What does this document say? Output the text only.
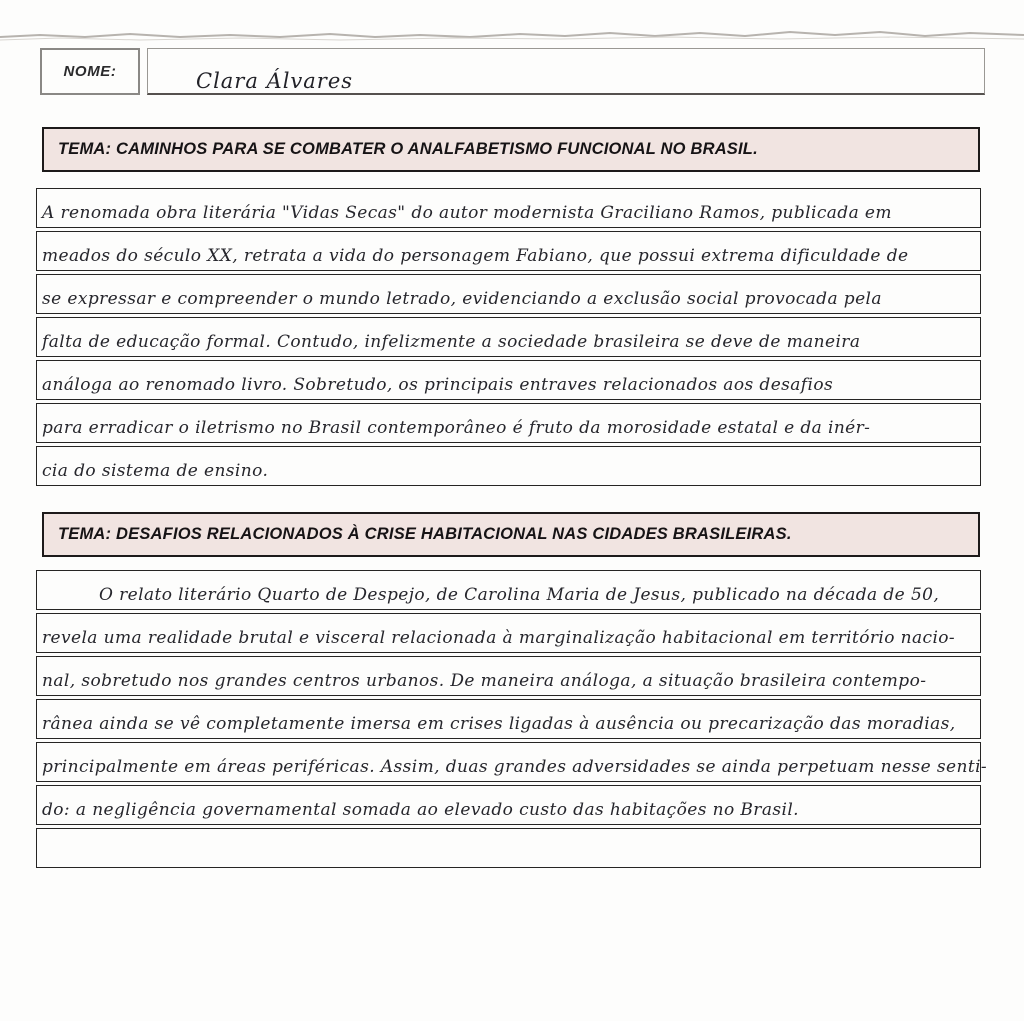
NOME:	Clara Álvares
TEMA: CAMINHOS PARA SE COMBATER O ANALFABETISMO FUNCIONAL NO BRASIL.
A renomada obra literária "Vidas Secas" do autor modernista Graciliano Ramos, publicada em
meados do século XX, retrata a vida do personagem Fabiano, que possui extrema dificuldade de
se expressar e compreender o mundo letrado, evidenciando a exclusão social provocada pela
falta de educação formal. Contudo, infelizmente a sociedade brasileira se deve de maneira
análoga ao renomado livro. Sobretudo, os principais entraves relacionados aos desafios
para erradicar o iletrismo no Brasil contemporâneo é fruto da morosidade estatal e da inér-
cia do sistema de ensino.
TEMA: DESAFIOS RELACIONADOS À CRISE HABITACIONAL NAS CIDADES BRASILEIRAS.
O relato literário Quarto de Despejo, de Carolina Maria de Jesus, publicado na década de 50,
revela uma realidade brutal e visceral relacionada à marginalização habitacional em território nacio-
nal, sobretudo nos grandes centros urbanos. De maneira análoga, a situação brasileira contempo-
rânea ainda se vê completamente imersa em crises ligadas à ausência ou precarização das moradias,
principalmente em áreas periféricas. Assim, duas grandes adversidades se ainda perpetuam nesse senti-
do: a negligência governamental somada ao elevado custo das habitações no Brasil.
